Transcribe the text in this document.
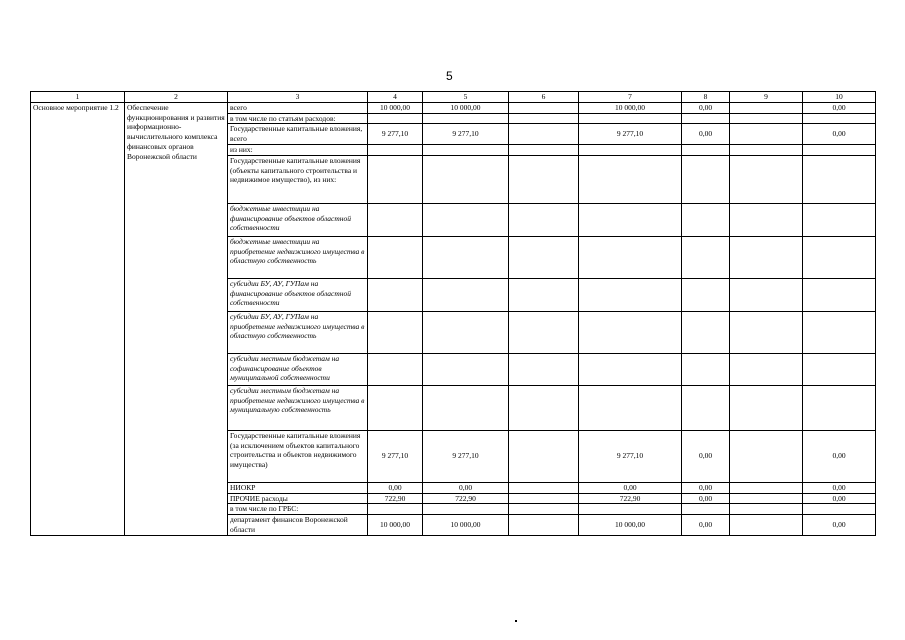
5
1	2	3	4	5	6	7	8	9	10
Основное мероприятие 1.2	Обеспечение функционирования и развития информационно-вычислительного комплекса финансовых органов Воронежской области	всего	10 000,00	10 000,00		10 000,00	0,00		0,00
		в том числе по статьям расходов:							
		Государственные капитальные вложения, всего	9 277,10	9 277,10		9 277,10	0,00		0,00
		из них:							
		Государственные капитальные вложения (объекты капитального строительства и недвижимое имущество), из них:							
		бюджетные инвестиции на финансирование объектов областной собственности							
		бюджетные инвестиции на приобретение недвижимого имущества в областную собственность							
		субсидии БУ, АУ, ГУПам на финансирование объектов областной собственности							
		субсидии БУ, АУ, ГУПам на приобретение недвижимого имущества в областную собственность							
		субсидии местным бюджетам на софинансирование объектов муниципальной собственности							
		субсидии местным бюджетам на приобретение недвижимого имущества в муниципальную собственность							
		Государственные капитальные вложения (за исключением объектов капитального строительства и объектов недвижимого имущества)	9 277,10	9 277,10		9 277,10	0,00		0,00
		НИОКР	0,00	0,00		0,00	0,00		0,00
		ПРОЧИЕ расходы	722,90	722,90		722,90	0,00		0,00
		в том числе по ГРБС:							
		департамент финансов Воронежской области	10 000,00	10 000,00		10 000,00	0,00		0,00
